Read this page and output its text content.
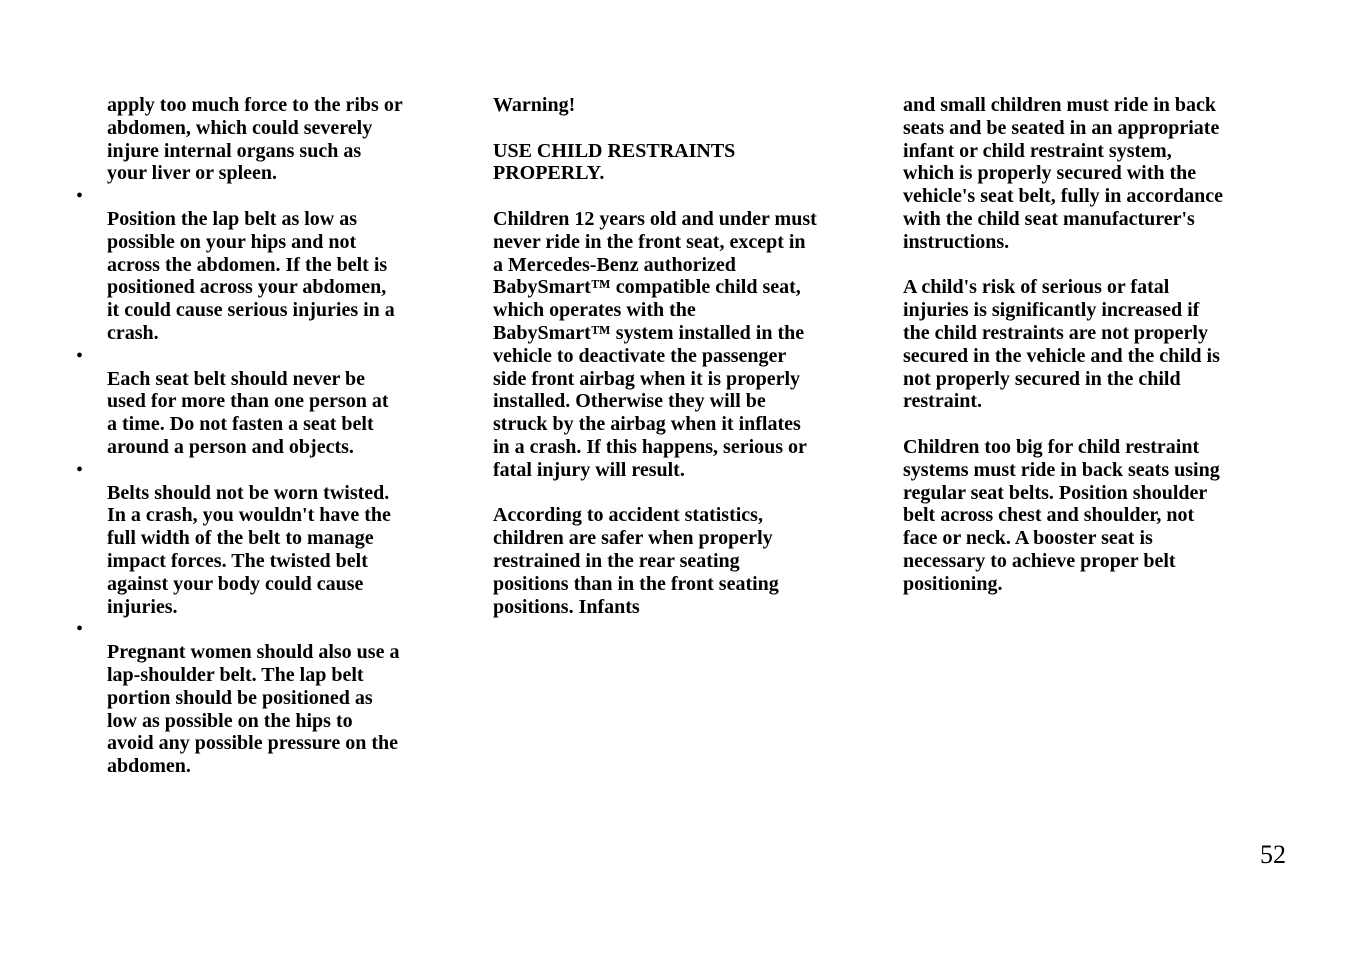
apply too much force to the ribs or
abdomen, which could severely
injure internal organs such as
your liver or spleen.

•
Position the lap belt as low as
possible on your hips and not
across the abdomen. If the belt is
positioned across your abdomen,
it could cause serious injuries in a
crash.

•
Each seat belt should never be
used for more than one person at
a time. Do not fasten a seat belt
around a person and objects.

•
Belts should not be worn twisted.
In a crash, you wouldn't have the
full width of the belt to manage
impact forces. The twisted belt
against your body could cause
injuries.

•
Pregnant women should also use a
lap-shoulder belt. The lap belt
portion should be positioned as
low as possible on the hips to
avoid any possible pressure on the
abdomen.

Warning!

USE CHILD RESTRAINTS
PROPERLY.

Children 12 years old and under must
never ride in the front seat, except in
a Mercedes-Benz authorized
BabySmart™ compatible child seat,
which operates with the
BabySmart™ system installed in the
vehicle to deactivate the passenger
side front airbag when it is properly
installed. Otherwise they will be
struck by the airbag when it inflates
in a crash. If this happens, serious or
fatal injury will result.

According to accident statistics,
children are safer when properly
restrained in the rear seating
positions than in the front seating
positions. Infants

and small children must ride in back
seats and be seated in an appropriate
infant or child restraint system,
which is properly secured with the
vehicle's seat belt, fully in accordance
with the child seat manufacturer's
instructions.

A child's risk of serious or fatal
injuries is significantly increased if
the child restraints are not properly
secured in the vehicle and the child is
not properly secured in the child
restraint.

Children too big for child restraint
systems must ride in back seats using
regular seat belts. Position shoulder
belt across chest and shoulder, not
face or neck. A booster seat is
necessary to achieve proper belt
positioning.

52
